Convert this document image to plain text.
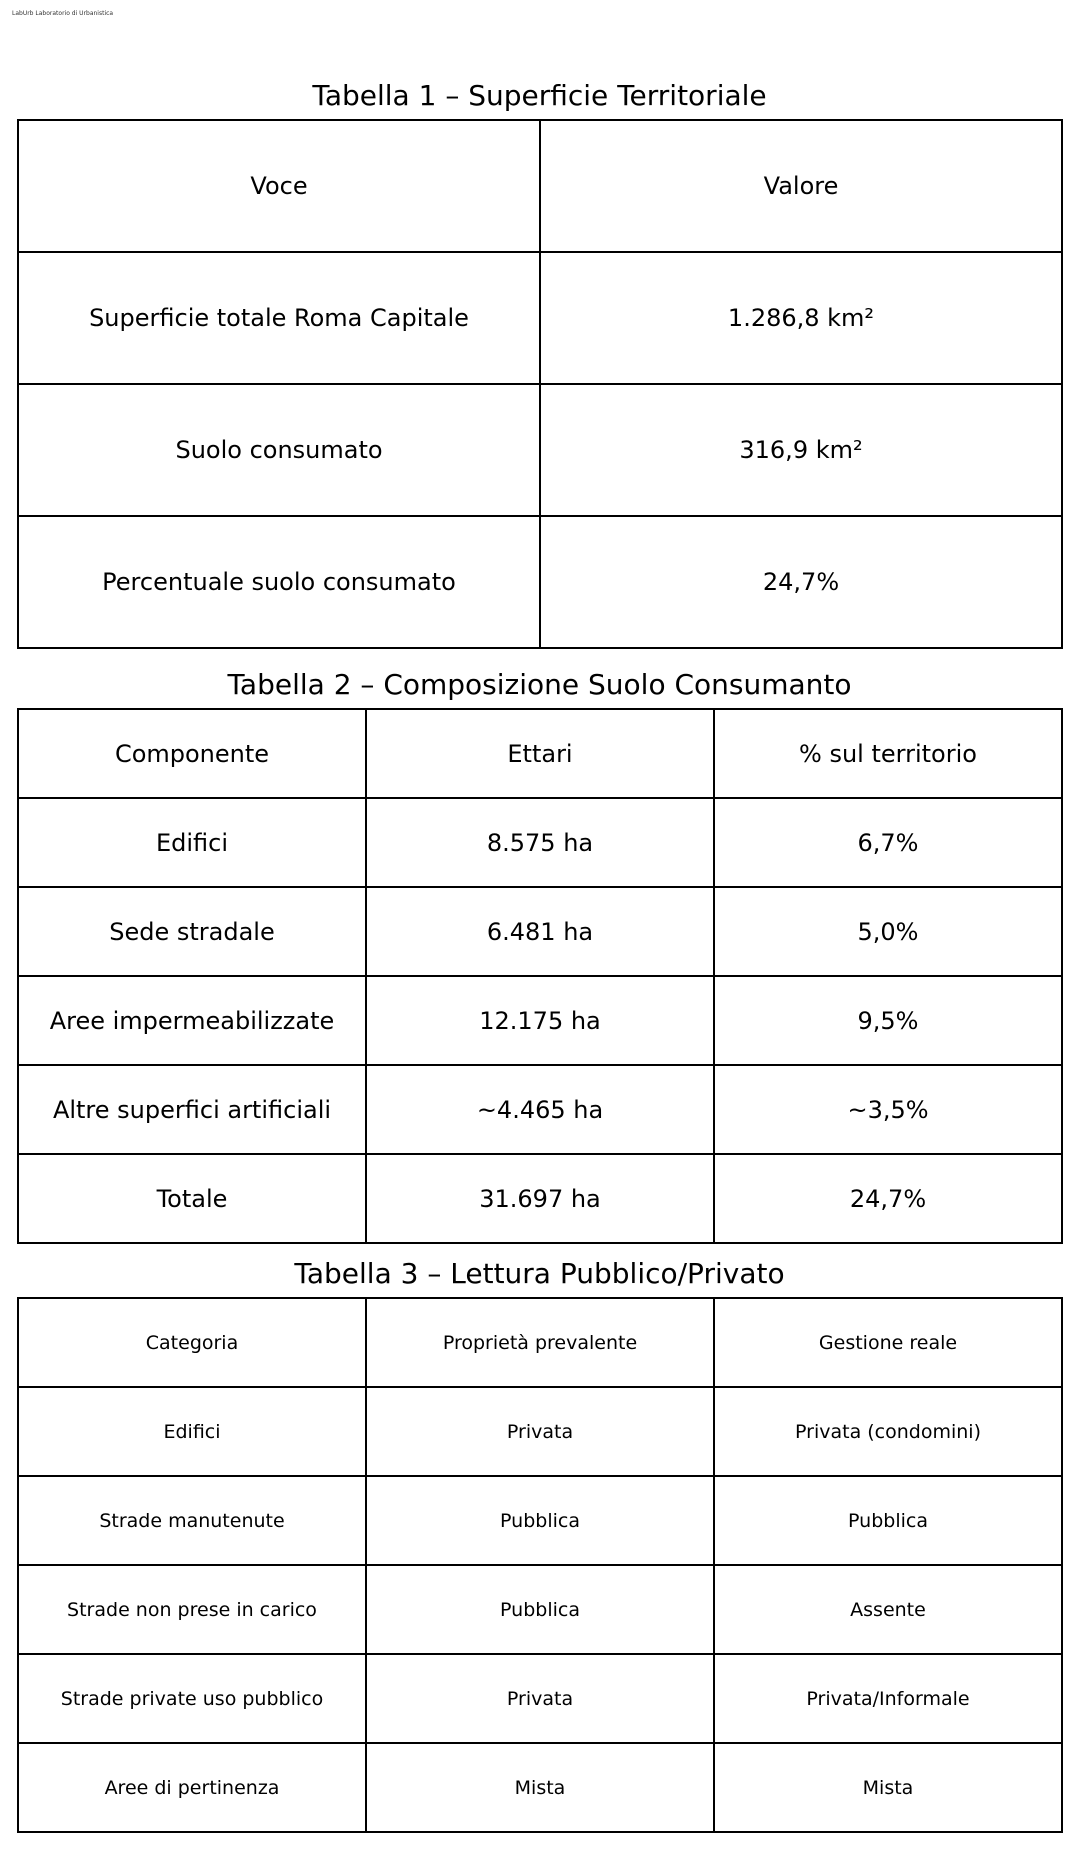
LabUrb Laboratorio di Urbanistica
Tabella 1 – Superficie Territoriale
Voce	Valore
Superficie totale Roma Capitale	1.286,8 km²
Suolo consumato	316,9 km²
Percentuale suolo consumato	24,7%
Tabella 2 – Composizione Suolo Consumanto
Componente	Ettari	% sul territorio
Edifici	8.575 ha	6,7%
Sede stradale	6.481 ha	5,0%
Aree impermeabilizzate	12.175 ha	9,5%
Altre superfici artificiali	~4.465 ha	~3,5%
Totale	31.697 ha	24,7%
Tabella 3 – Lettura Pubblico/Privato
Categoria	Proprietà prevalente	Gestione reale
Edifici	Privata	Privata (condomini)
Strade manutenute	Pubblica	Pubblica
Strade non prese in carico	Pubblica	Assente
Strade private uso pubblico	Privata	Privata/Informale
Aree di pertinenza	Mista	Mista
